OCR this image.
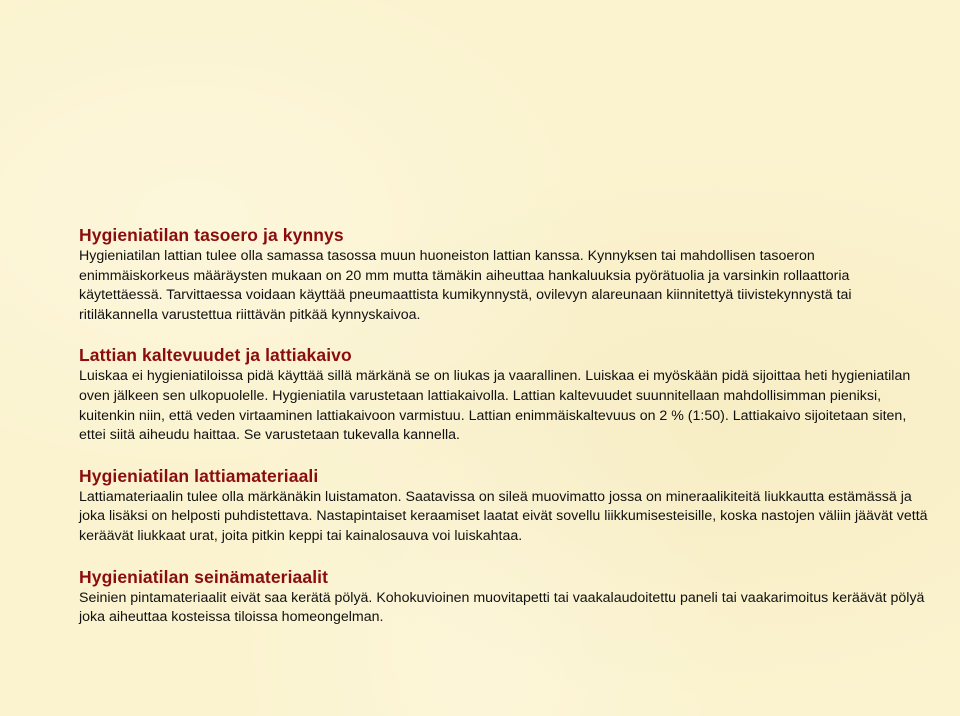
Hygieniatilan tasoero ja kynnys

Hygieniatilan lattian tulee olla samassa tasossa muun huoneiston lattian kanssa. Kynnyksen tai mahdollisen tasoeron enimmäiskorkeus määräysten mukaan on 20 mm mutta tämäkin aiheuttaa hankaluuksia pyörätuolia ja varsinkin rollaattoria käytettäessä. Tarvittaessa voidaan käyttää pneumaattista kumikynnystä, ovilevyn alareunaan kiinnitettyä tiivistekynnystä tai ritiläkannella varustettua riittävän pitkää kynnyskaivoa.

Lattian kaltevuudet ja lattiakaivo

Luiskaa ei hygieniatiloissa pidä käyttää sillä märkänä se on liukas ja vaarallinen. Luiskaa ei myöskään pidä sijoittaa heti hygieniatilan oven jälkeen sen ulkopuolelle. Hygieniatila varustetaan lattiakaivolla. Lattian kaltevuudet suunnitellaan mahdollisimman pieniksi, kuitenkin niin, että veden virtaaminen lattiakaivoon varmistuu. Lattian enimmäiskaltevuus on 2 % (1:50). Lattiakaivo sijoitetaan siten, ettei siitä aiheudu haittaa. Se varustetaan tukevalla kannella.

Hygieniatilan lattiamateriaali

Lattiamateriaalin tulee olla märkänäkin luistamaton. Saatavissa on sileä muovimatto jossa on mineraalikiteitä liukkautta estämässä ja joka lisäksi on helposti puhdistettava. Nastapintaiset keraamiset laatat eivät sovellu liikkumisesteisille, koska nastojen väliin jäävät vettä keräävät liukkaat urat, joita pitkin keppi tai kainalosauva voi luiskahtaa.

Hygieniatilan seinämateriaalit

Seinien pintamateriaalit eivät saa kerätä pölyä. Kohokuvioinen muovitapetti tai vaakalaudoitettu paneli tai vaakarimoitus keräävät pölyä joka aiheuttaa kosteissa tiloissa homeongelman.
